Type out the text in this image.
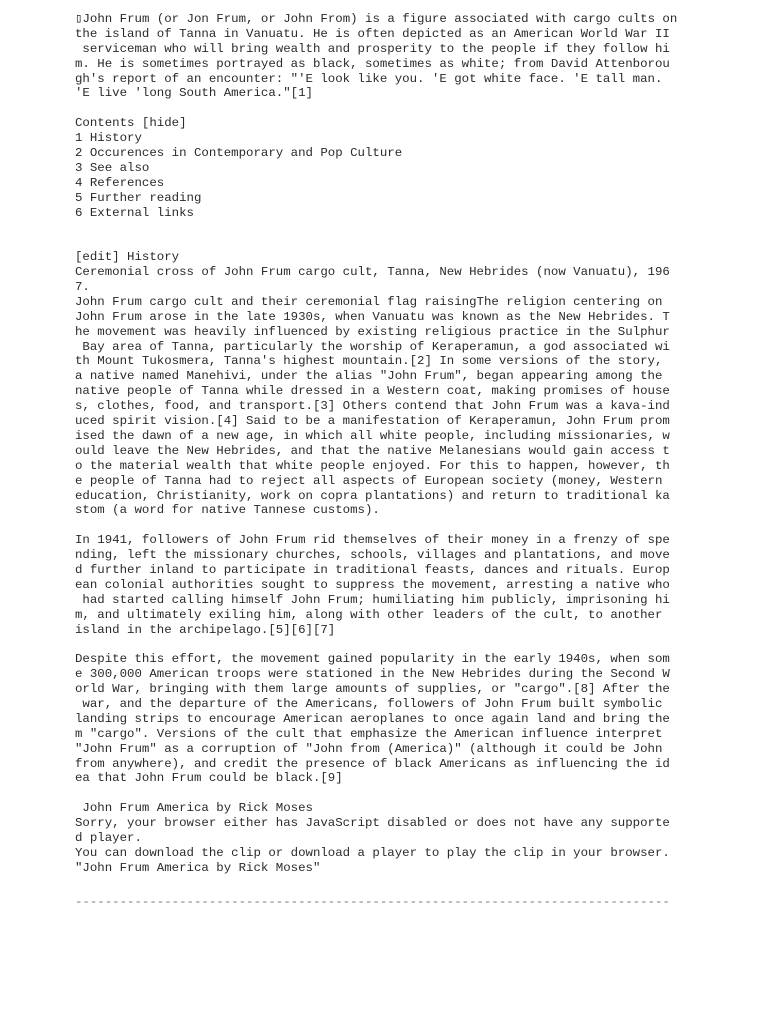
▯John Frum (or Jon Frum, or John From) is a figure associated with cargo cults on
the island of Tanna in Vanuatu. He is often depicted as an American World War II
serviceman who will bring wealth and prosperity to the people if they follow hi
m. He is sometimes portrayed as black, sometimes as white; from David Attenborou
gh's report of an encounter: "'E look like you. 'E got white face. 'E tall man.
'E live 'long South America."[1]
Contents [hide]
1 History
2 Occurences in Contemporary and Pop Culture
3 See also
4 References
5 Further reading
6 External links
[edit] History
Ceremonial cross of John Frum cargo cult, Tanna, New Hebrides (now Vanuatu), 196
7.
John Frum cargo cult and their ceremonial flag raisingThe religion centering on
John Frum arose in the late 1930s, when Vanuatu was known as the New Hebrides. T
he movement was heavily influenced by existing religious practice in the Sulphur
Bay area of Tanna, particularly the worship of Keraperamun, a god associated wi
th Mount Tukosmera, Tanna's highest mountain.[2] In some versions of the story,
a native named Manehivi, under the alias "John Frum", began appearing among the
native people of Tanna while dressed in a Western coat, making promises of house
s, clothes, food, and transport.[3] Others contend that John Frum was a kava-ind
uced spirit vision.[4] Said to be a manifestation of Keraperamun, John Frum prom
ised the dawn of a new age, in which all white people, including missionaries, w
ould leave the New Hebrides, and that the native Melanesians would gain access t
o the material wealth that white people enjoyed. For this to happen, however, th
e people of Tanna had to reject all aspects of European society (money, Western
education, Christianity, work on copra plantations) and return to traditional ka
stom (a word for native Tannese customs).
In 1941, followers of John Frum rid themselves of their money in a frenzy of spe
nding, left the missionary churches, schools, villages and plantations, and move
d further inland to participate in traditional feasts, dances and rituals. Europ
ean colonial authorities sought to suppress the movement, arresting a native who
had started calling himself John Frum; humiliating him publicly, imprisoning hi
m, and ultimately exiling him, along with other leaders of the cult, to another
island in the archipelago.[5][6][7]
Despite this effort, the movement gained popularity in the early 1940s, when som
e 300,000 American troops were stationed in the New Hebrides during the Second W
orld War, bringing with them large amounts of supplies, or "cargo".[8] After the
war, and the departure of the Americans, followers of John Frum built symbolic
landing strips to encourage American aeroplanes to once again land and bring the
m "cargo". Versions of the cult that emphasize the American influence interpret
"John Frum" as a corruption of "John from (America)" (although it could be John
from anywhere), and credit the presence of black Americans as influencing the id
ea that John Frum could be black.[9]
John Frum America by Rick Moses
Sorry, your browser either has JavaScript disabled or does not have any supporte
d player.
You can download the clip or download a player to play the clip in your browser.
"John Frum America by Rick Moses"
--------------------------------------------------------------------------------
